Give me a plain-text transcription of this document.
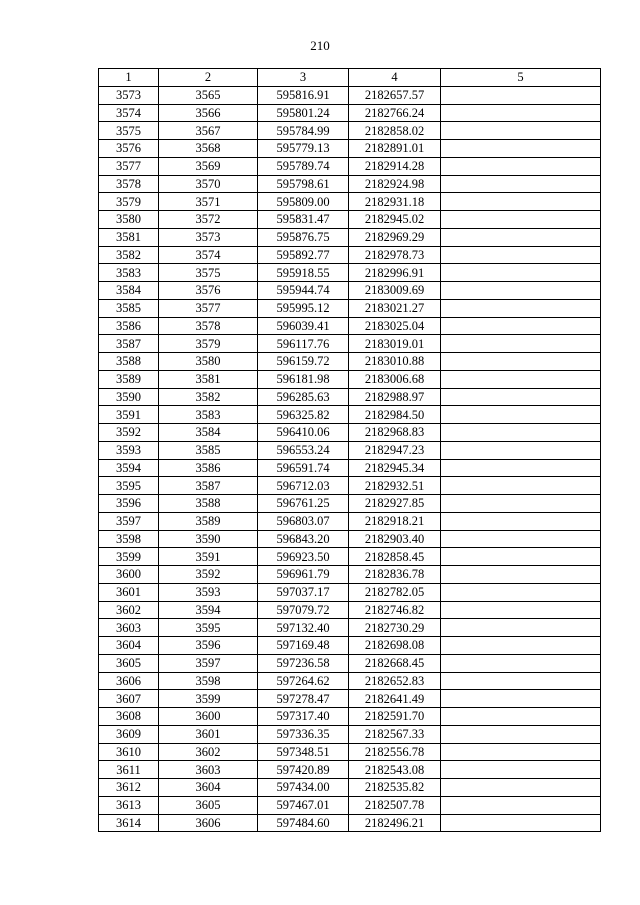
210
1	2	3	4	5
3573	3565	595816.91	2182657.57	
3574	3566	595801.24	2182766.24	
3575	3567	595784.99	2182858.02	
3576	3568	595779.13	2182891.01	
3577	3569	595789.74	2182914.28	
3578	3570	595798.61	2182924.98	
3579	3571	595809.00	2182931.18	
3580	3572	595831.47	2182945.02	
3581	3573	595876.75	2182969.29	
3582	3574	595892.77	2182978.73	
3583	3575	595918.55	2182996.91	
3584	3576	595944.74	2183009.69	
3585	3577	595995.12	2183021.27	
3586	3578	596039.41	2183025.04	
3587	3579	596117.76	2183019.01	
3588	3580	596159.72	2183010.88	
3589	3581	596181.98	2183006.68	
3590	3582	596285.63	2182988.97	
3591	3583	596325.82	2182984.50	
3592	3584	596410.06	2182968.83	
3593	3585	596553.24	2182947.23	
3594	3586	596591.74	2182945.34	
3595	3587	596712.03	2182932.51	
3596	3588	596761.25	2182927.85	
3597	3589	596803.07	2182918.21	
3598	3590	596843.20	2182903.40	
3599	3591	596923.50	2182858.45	
3600	3592	596961.79	2182836.78	
3601	3593	597037.17	2182782.05	
3602	3594	597079.72	2182746.82	
3603	3595	597132.40	2182730.29	
3604	3596	597169.48	2182698.08	
3605	3597	597236.58	2182668.45	
3606	3598	597264.62	2182652.83	
3607	3599	597278.47	2182641.49	
3608	3600	597317.40	2182591.70	
3609	3601	597336.35	2182567.33	
3610	3602	597348.51	2182556.78	
3611	3603	597420.89	2182543.08	
3612	3604	597434.00	2182535.82	
3613	3605	597467.01	2182507.78	
3614	3606	597484.60	2182496.21	
